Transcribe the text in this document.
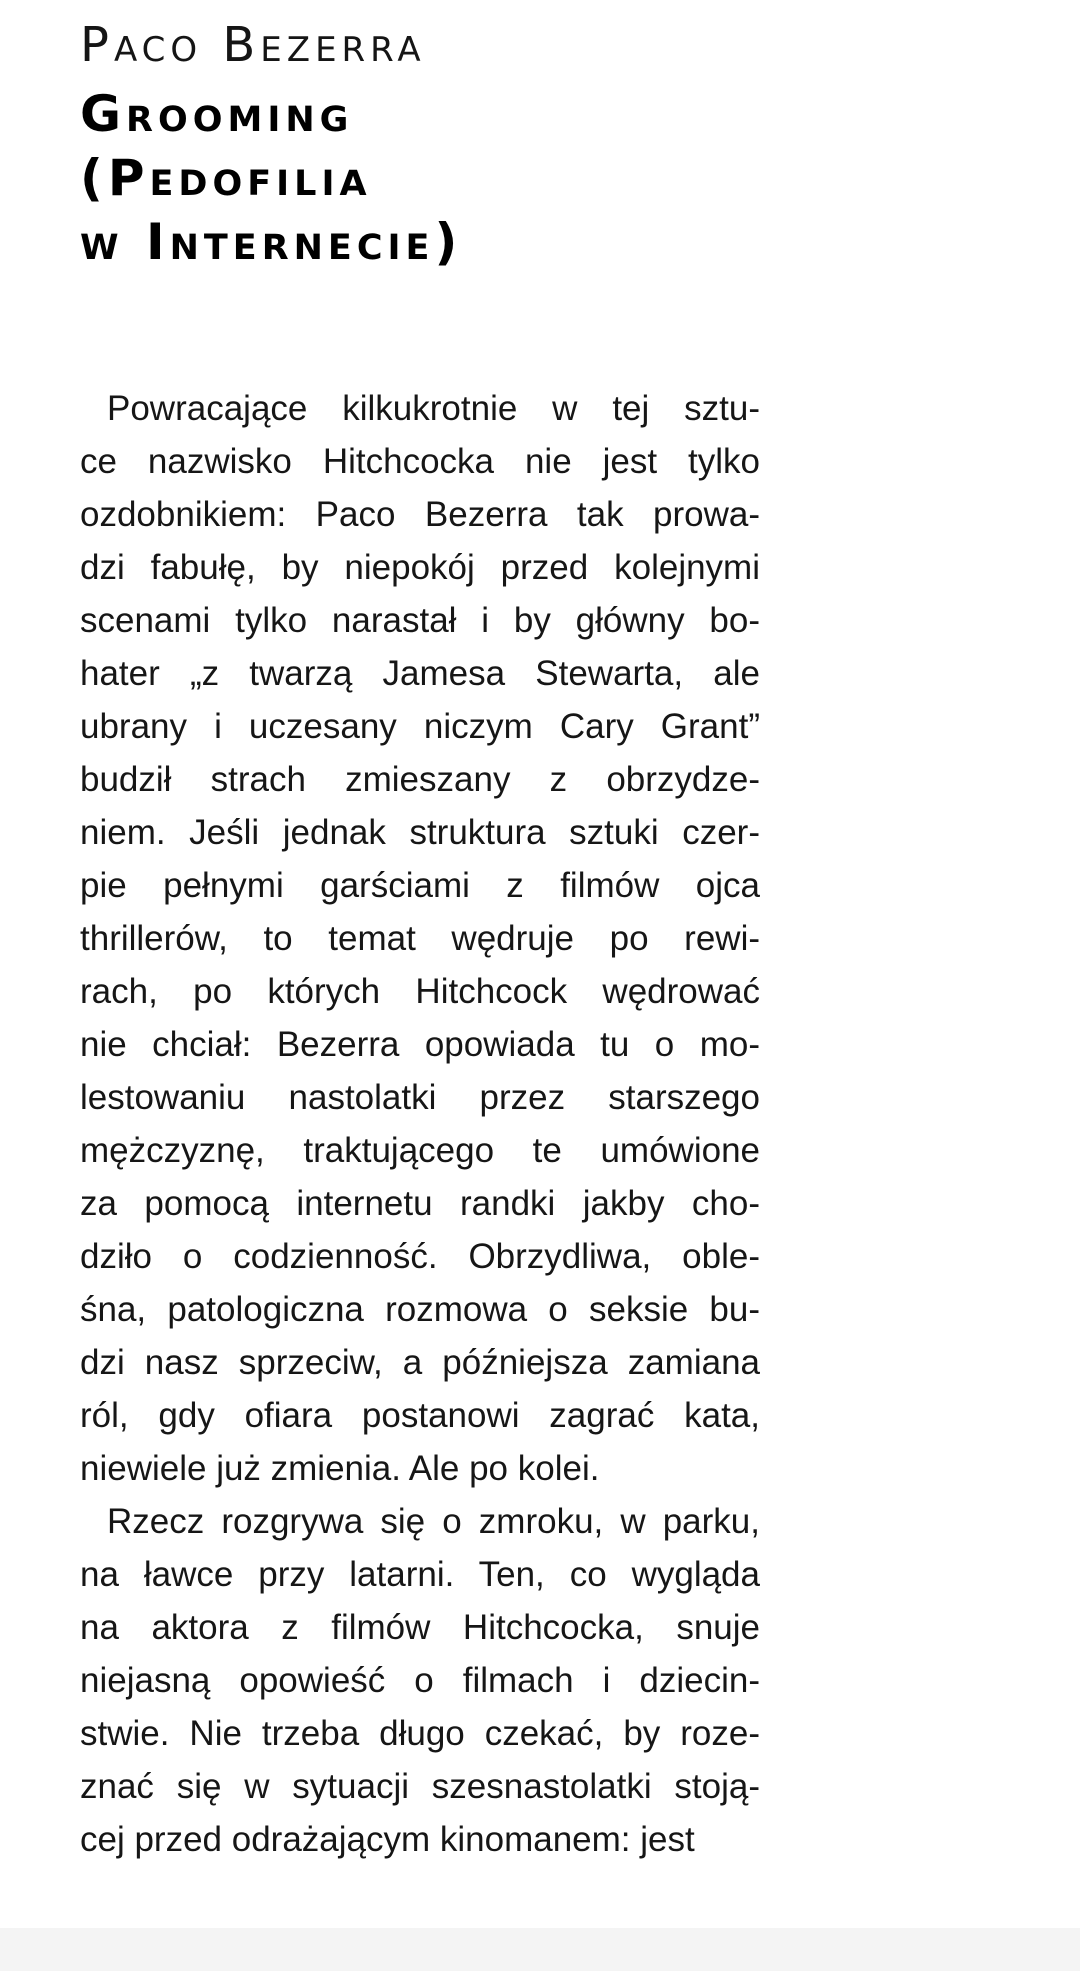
Paco Bezerra
Grooming
(Pedofilia
w Internecie)
Powracające kilkukrotnie w tej sztu-
ce nazwisko Hitchcocka nie jest tylko
ozdobnikiem: Paco Bezerra tak prowa-
dzi fabułę, by niepokój przed kolejnymi
scenami tylko narastał i by główny bo-
hater „z twarzą Jamesa Stewarta, ale
ubrany i uczesany niczym Cary Grant”
budził strach zmieszany z obrzydze-
niem. Jeśli jednak struktura sztuki czer-
pie pełnymi garściami z filmów ojca
thrillerów, to temat wędruje po rewi-
rach, po których Hitchcock wędrować
nie chciał: Bezerra opowiada tu o mo-
lestowaniu nastolatki przez starszego
mężczyznę, traktującego te umówione
za pomocą internetu randki jakby cho-
dziło o codzienność. Obrzydliwa, oble-
śna, patologiczna rozmowa o seksie bu-
dzi nasz sprzeciw, a późniejsza zamiana
ról, gdy ofiara postanowi zagrać kata,
niewiele już zmienia. Ale po kolei.
Rzecz rozgrywa się o zmroku, w parku,
na ławce przy latarni. Ten, co wygląda
na aktora z filmów Hitchcocka, snuje
niejasną opowieść o filmach i dziecin-
stwie. Nie trzeba długo czekać, by roze-
znać się w sytuacji szesnastolatki stoją-
cej przed odrażającym kinomanem: jest
